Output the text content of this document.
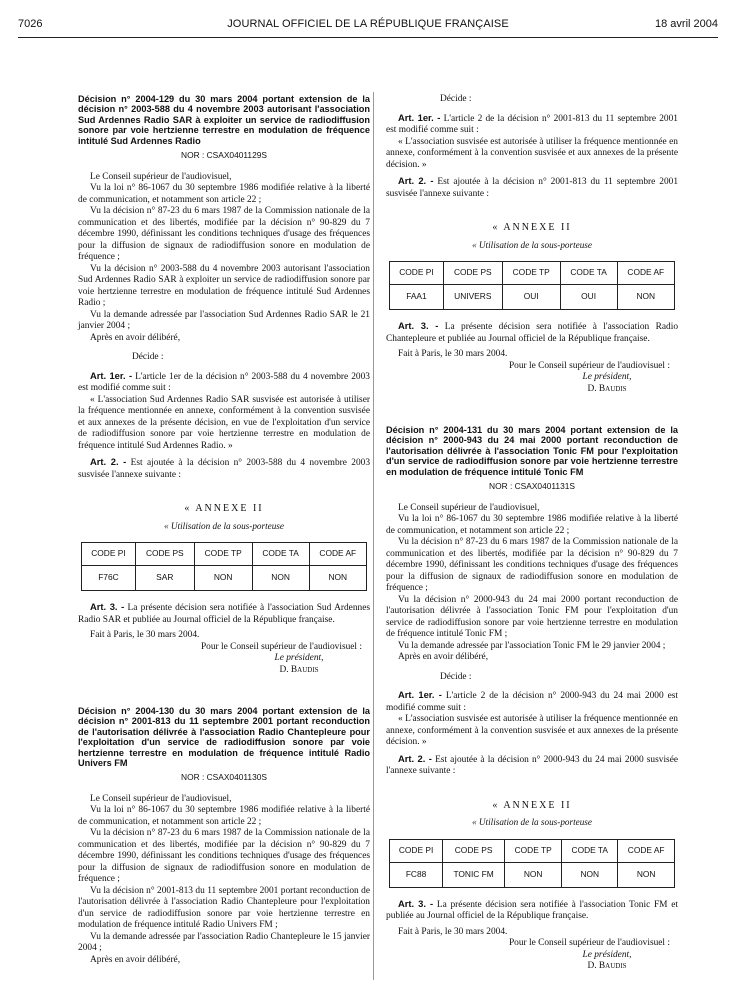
7026	JOURNAL OFFICIEL DE LA RÉPUBLIQUE FRANÇAISE	18 avril 2004
Décision n° 2004-129 du 30 mars 2004 portant extension de la décision n° 2003-588 du 4 novembre 2003 autorisant l'association Sud Ardennes Radio SAR à exploiter un service de radiodiffusion sonore par voie hertzienne terrestre en modulation de fréquence intitulé Sud Ardennes Radio
NOR : CSAX0401129S

Le Conseil supérieur de l'audiovisuel,

Vu la loi n° 86-1067 du 30 septembre 1986 modifiée relative à la liberté de communication, et notamment son article 22 ;

Vu la décision n° 87-23 du 6 mars 1987 de la Commission nationale de la communication et des libertés, modifiée par la décision n° 90-829 du 7 décembre 1990, définissant les conditions techniques d'usage des fréquences pour la diffusion de signaux de radiodiffusion sonore en modulation de fréquence ;

Vu la décision n° 2003-588 du 4 novembre 2003 autorisant l'association Sud Ardennes Radio SAR à exploiter un service de radiodiffusion sonore par voie hertzienne terrestre en modulation de fréquence intitulé Sud Ardennes Radio ;

Vu la demande adressée par l'association Sud Ardennes Radio SAR le 21 janvier 2004 ;

Après en avoir délibéré,

Décide :

Art. 1er. - L'article 1er de la décision n° 2003-588 du 4 novembre 2003 est modifié comme suit :

« L'association Sud Ardennes Radio SAR susvisée est autorisée à utiliser la fréquence mentionnée en annexe, conformément à la convention susvisée et aux annexes de la présente décision, en vue de l'exploitation d'un service de radiodiffusion sonore par voie hertzienne terrestre en modulation de fréquence intitulé Sud Ardennes Radio. »

Art. 2. - Est ajoutée à la décision n° 2003-588 du 4 novembre 2003 susvisée l'annexe suivante :

« ANNEXE II

« Utilisation de la sous-porteuse

CODE PI	CODE PS	CODE TP	CODE TA	CODE AF
F76C	SAR	NON	NON	NON

Art. 3. - La présente décision sera notifiée à l'association Sud Ardennes Radio SAR et publiée au Journal officiel de la République française.

Fait à Paris, le 30 mars 2004.

Pour le Conseil supérieur de l'audiovisuel :

Le président,

D. Baudis

Décision n° 2004-130 du 30 mars 2004 portant extension de la décision n° 2001-813 du 11 septembre 2001 portant reconduction de l'autorisation délivrée à l'association Radio Chantepleure pour l'exploitation d'un service de radiodiffusion sonore par voie hertzienne terrestre en modulation de fréquence intitulé Radio Univers FM
NOR : CSAX0401130S

Le Conseil supérieur de l'audiovisuel,

Vu la loi n° 86-1067 du 30 septembre 1986 modifiée relative à la liberté de communication, et notamment son article 22 ;

Vu la décision n° 87-23 du 6 mars 1987 de la Commission nationale de la communication et des libertés, modifiée par la décision n° 90-829 du 7 décembre 1990, définissant les conditions techniques d'usage des fréquences pour la diffusion de signaux de radiodiffusion sonore en modulation de fréquence ;

Vu la décision n° 2001-813 du 11 septembre 2001 portant reconduction de l'autorisation délivrée à l'association Radio Chantepleure pour l'exploitation d'un service de radiodiffusion sonore par voie hertzienne terrestre en modulation de fréquence intitulé Radio Univers FM ;

Vu la demande adressée par l'association Radio Chantepleure le 15 janvier 2004 ;

Après en avoir délibéré,

Décide :

Art. 1er. - L'article 2 de la décision n° 2001-813 du 11 septembre 2001 est modifié comme suit :

« L'association susvisée est autorisée à utiliser la fréquence mentionnée en annexe, conformément à la convention susvisée et aux annexes de la présente décision. »

Art. 2. - Est ajoutée à la décision n° 2001-813 du 11 septembre 2001 susvisée l'annexe suivante :

« ANNEXE II

« Utilisation de la sous-porteuse

CODE PI	CODE PS	CODE TP	CODE TA	CODE AF
FAA1	UNIVERS	OUI	OUI	NON

Art. 3. - La présente décision sera notifiée à l'association Radio Chantepleure et publiée au Journal officiel de la République française.

Fait à Paris, le 30 mars 2004.

Pour le Conseil supérieur de l'audiovisuel :

Le président,

D. Baudis

Décision n° 2004-131 du 30 mars 2004 portant extension de la décision n° 2000-943 du 24 mai 2000 portant reconduction de l'autorisation délivrée à l'association Tonic FM pour l'exploitation d'un service de radiodiffusion sonore par voie hertzienne terrestre en modulation de fréquence intitulé Tonic FM
NOR : CSAX0401131S

Le Conseil supérieur de l'audiovisuel,

Vu la loi n° 86-1067 du 30 septembre 1986 modifiée relative à la liberté de communication, et notamment son article 22 ;

Vu la décision n° 87-23 du 6 mars 1987 de la Commission nationale de la communication et des libertés, modifiée par la décision n° 90-829 du 7 décembre 1990, définissant les conditions techniques d'usage des fréquences pour la diffusion de signaux de radiodiffusion sonore en modulation de fréquence ;

Vu la décision n° 2000-943 du 24 mai 2000 portant reconduction de l'autorisation délivrée à l'association Tonic FM pour l'exploitation d'un service de radiodiffusion sonore par voie hertzienne terrestre en modulation de fréquence intitulé Tonic FM ;

Vu la demande adressée par l'association Tonic FM le 29 janvier 2004 ;

Après en avoir délibéré,

Décide :

Art. 1er. - L'article 2 de la décision n° 2000-943 du 24 mai 2000 est modifié comme suit :

« L'association susvisée est autorisée à utiliser la fréquence mentionnée en annexe, conformément à la convention susvisée et aux annexes de la présente décision. »

Art. 2. - Est ajoutée à la décision n° 2000-943 du 24 mai 2000 susvisée l'annexe suivante :

« ANNEXE II

« Utilisation de la sous-porteuse

CODE PI	CODE PS	CODE TP	CODE TA	CODE AF
FC88	TONIC FM	NON	NON	NON

Art. 3. - La présente décision sera notifiée à l'association Tonic FM et publiée au Journal officiel de la République française.

Fait à Paris, le 30 mars 2004.

Pour le Conseil supérieur de l'audiovisuel :

Le président,

D. Baudis
